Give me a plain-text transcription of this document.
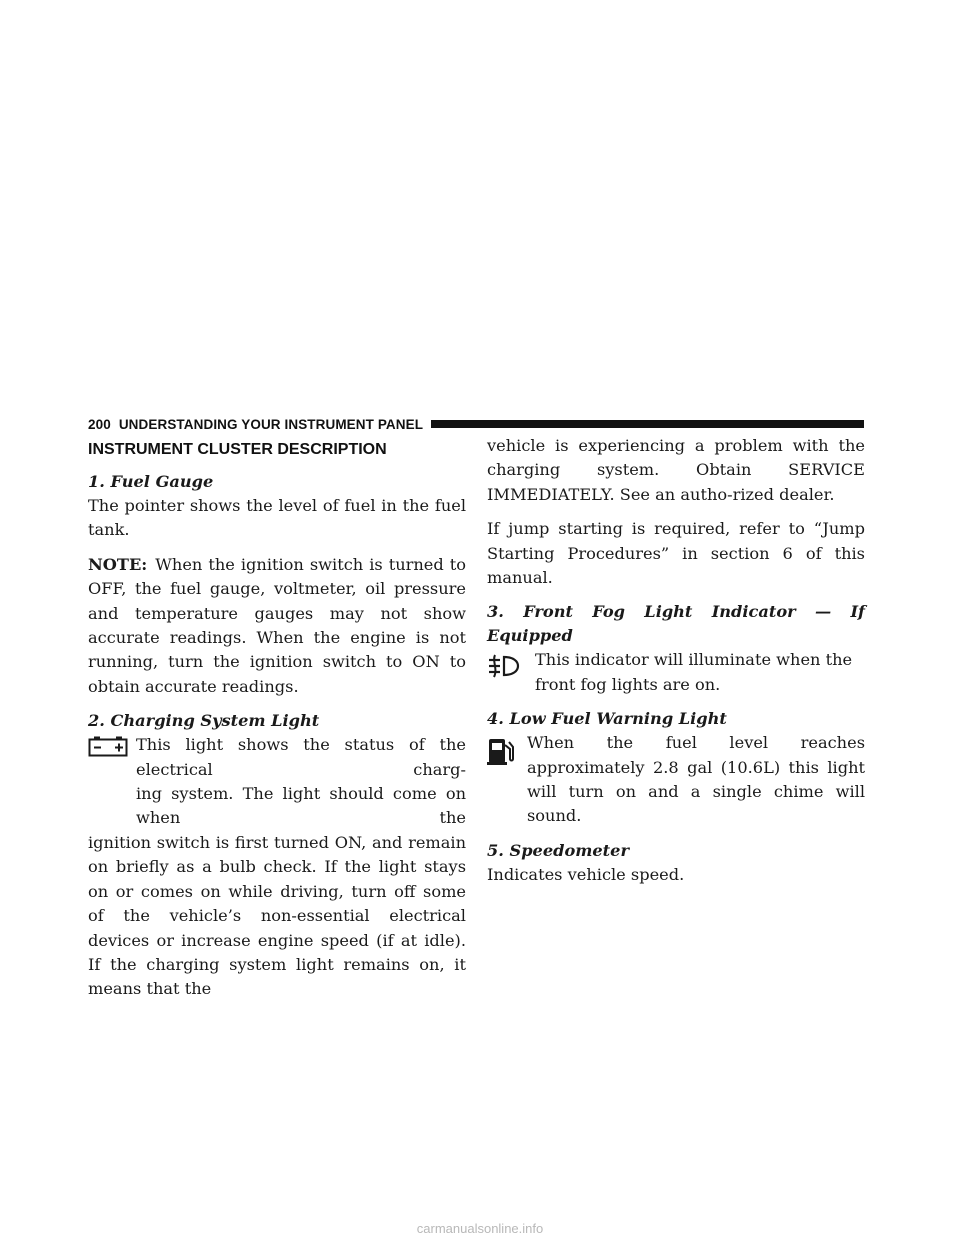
200 UNDERSTANDING YOUR INSTRUMENT PANEL
INSTRUMENT CLUSTER DESCRIPTION

1. Fuel Gauge

The pointer shows the level of fuel in the fuel tank.

NOTE: When the ignition switch is turned to OFF, the fuel gauge, voltmeter, oil pressure and temperature gauges may not show accurate readings. When the engine is not running, turn the ignition switch to ON to obtain accurate readings.

2. Charging System Light

This light shows the status of the electrical charg-

ing system. The light should come on when the

ignition switch is first turned ON, and remain on briefly as a bulb check. If the light stays on or comes on while driving, turn off some of the vehicle’s non-essential electrical devices or increase engine speed (if at idle). If the charging system light remains on, it means that the

vehicle is experiencing a problem with the charging system. Obtain SERVICE IMMEDIATELY. See an autho-rized dealer.

If jump starting is required, refer to “Jump Starting Procedures” in section 6 of this manual.

3. Front Fog Light Indicator — If Equipped

This indicator will illuminate when the front fog lights are on.

4. Low Fuel Warning Light

When the fuel level reaches approximately 2.8 gal (10.6L) this light will turn on and a single chime will sound.

5. Speedometer

Indicates vehicle speed.

carmanualsonline.info
